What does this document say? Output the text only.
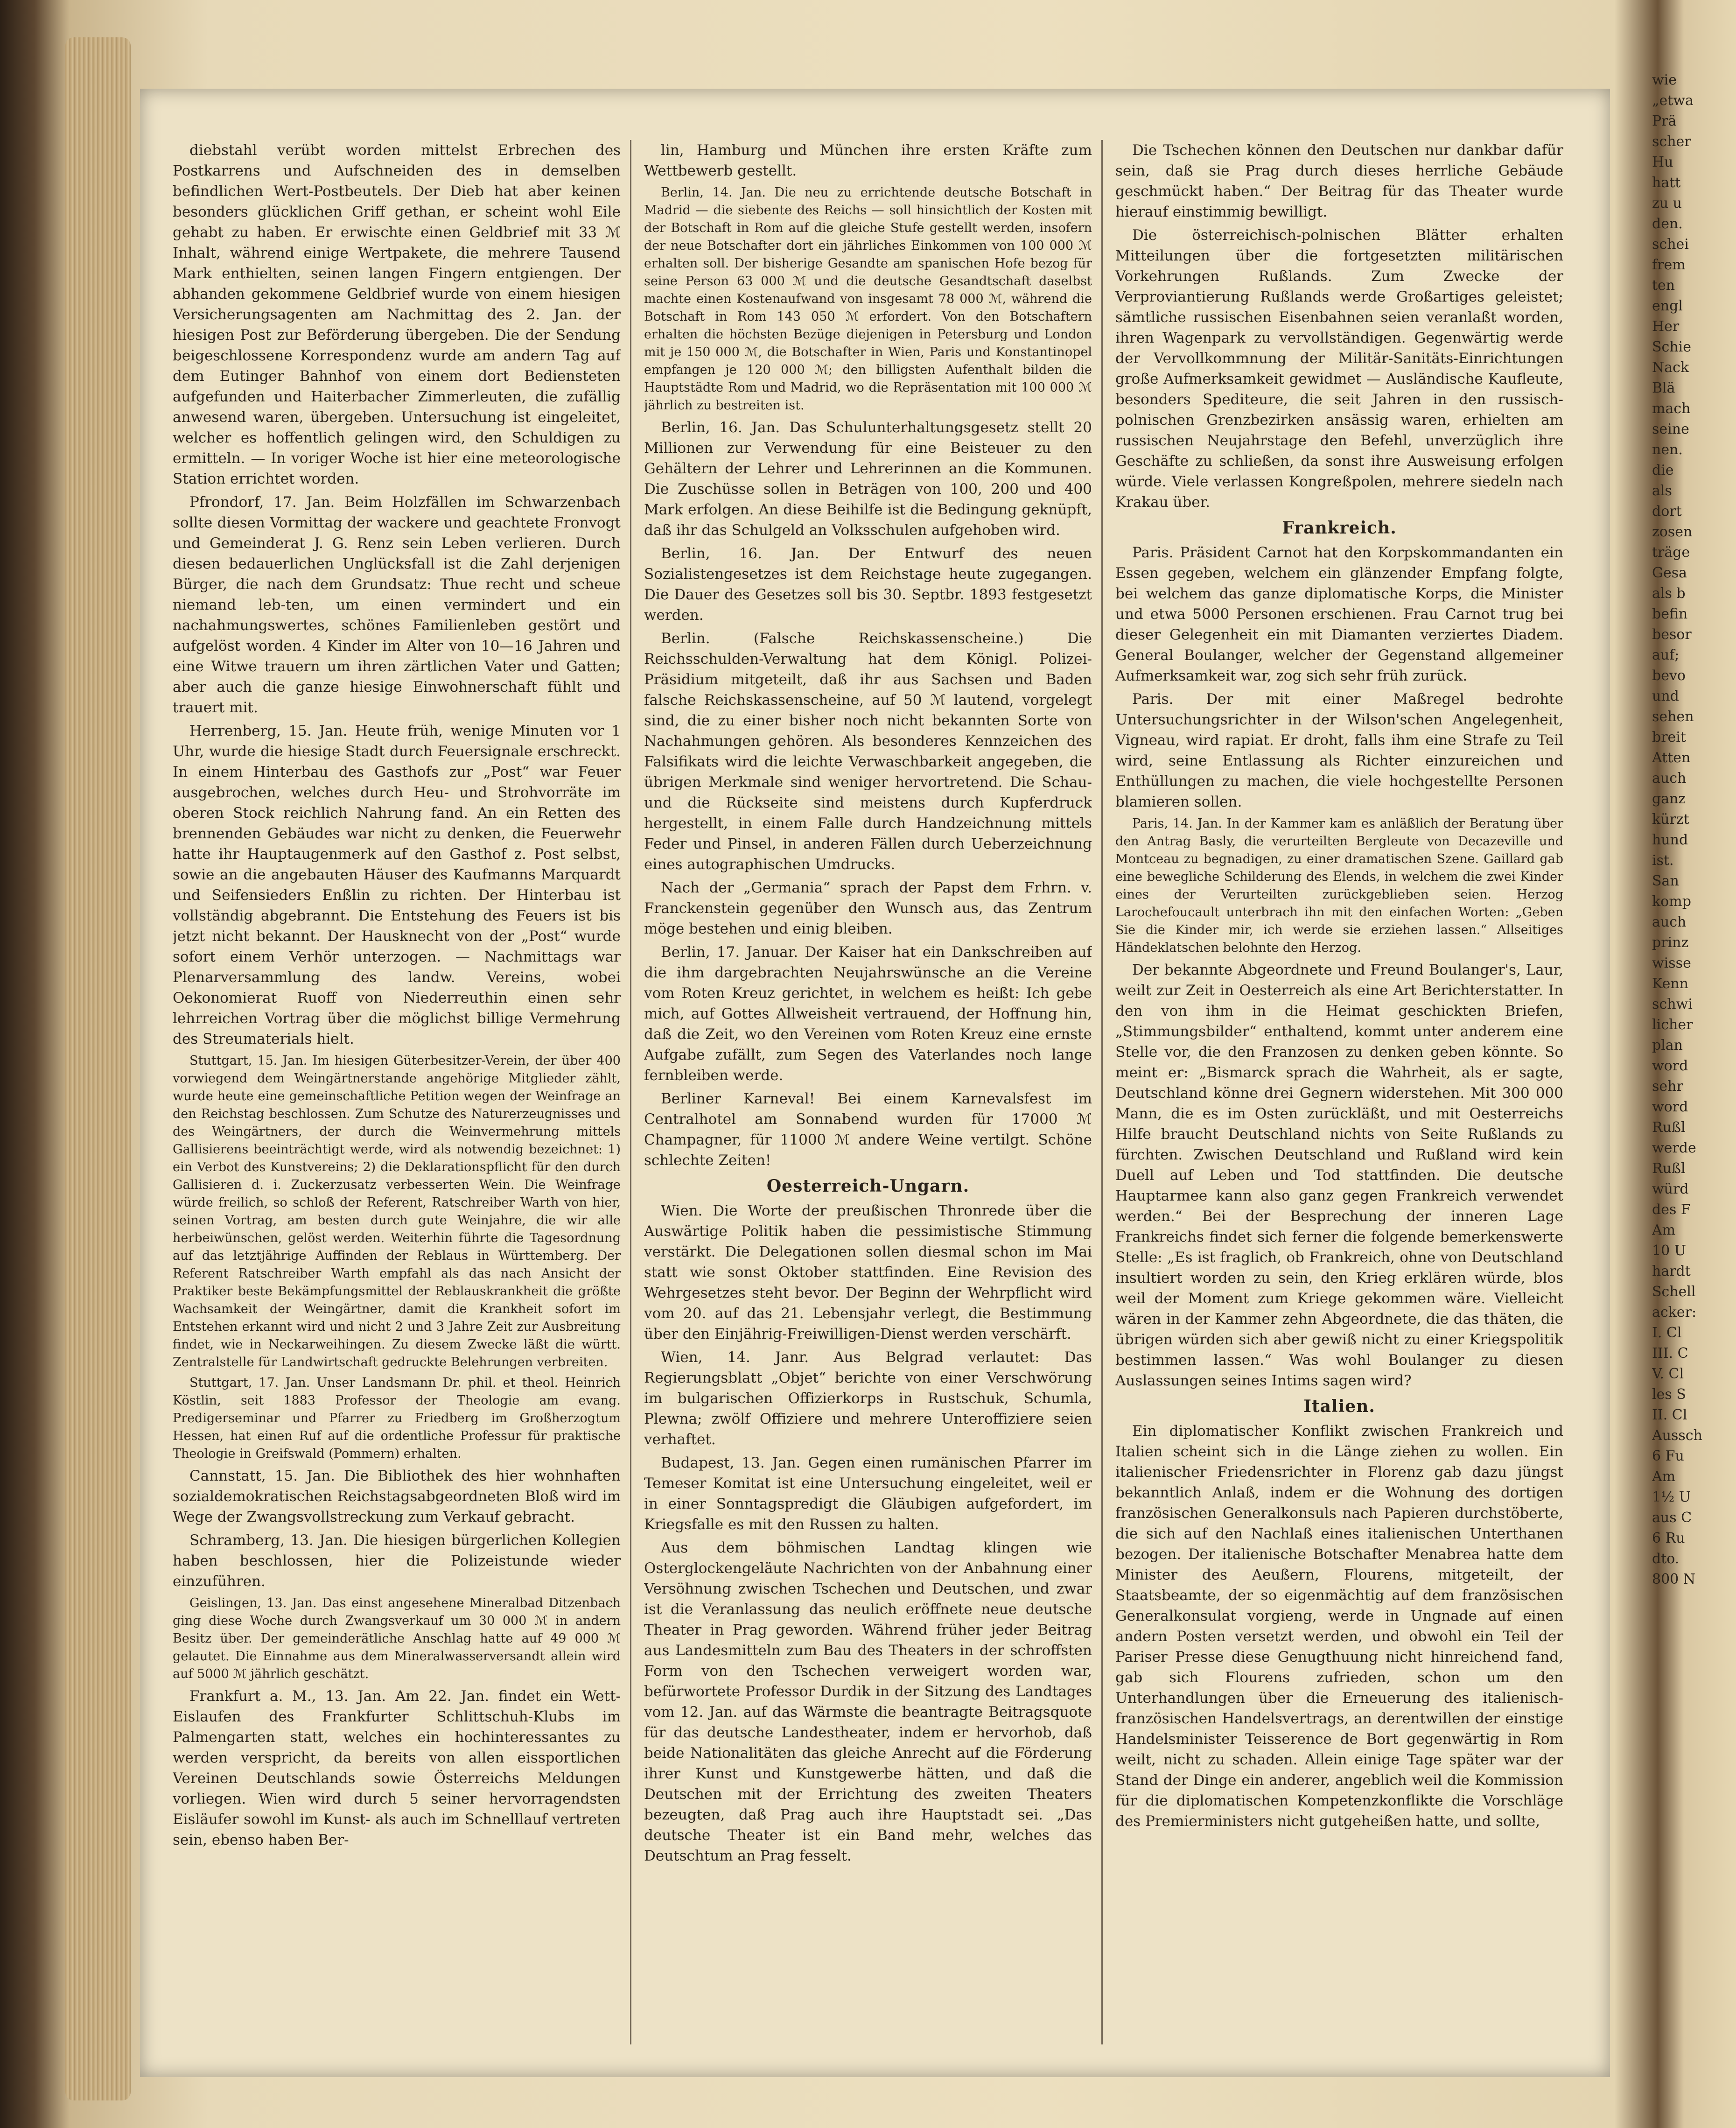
diebstahl verübt worden mittelst Erbrechen des Postkarrens und Aufschneiden des in demselben befindlichen Wert-Postbeutels. Der Dieb hat aber keinen besonders glücklichen Griff gethan, er scheint wohl Eile gehabt zu haben. Er erwischte einen Geldbrief mit 33 ℳ Inhalt, während einige Wertpakete, die mehrere Tausend Mark enthielten, seinen langen Fingern entgiengen. Der abhanden gekommene Geldbrief wurde von einem hiesigen Versicherungsagenten am Nachmittag des 2. Jan. der hiesigen Post zur Beförderung übergeben. Die der Sendung beigeschlossene Korrespondenz wurde am andern Tag auf dem Eutinger Bahnhof von einem dort Bediensteten aufgefunden und Haiterbacher Zimmerleuten, die zufällig anwesend waren, übergeben. Untersuchung ist eingeleitet, welcher es hoffentlich gelingen wird, den Schuldigen zu ermitteln. — In voriger Woche ist hier eine meteorologische Station errichtet worden.

Pfrondorf, 17. Jan. Beim Holzfällen im Schwarzenbach sollte diesen Vormittag der wackere und geachtete Fronvogt und Gemeinderat J. G. Renz sein Leben verlieren. Durch diesen bedauerlichen Unglücksfall ist die Zahl derjenigen Bürger, die nach dem Grundsatz: Thue recht und scheue niemand leb-ten, um einen vermindert und ein nachahmungswertes, schönes Familienleben gestört und aufgelöst worden. 4 Kinder im Alter von 10—16 Jahren und eine Witwe trauern um ihren zärtlichen Vater und Gatten; aber auch die ganze hiesige Einwohnerschaft fühlt und trauert mit.

Herrenberg, 15. Jan. Heute früh, wenige Minuten vor 1 Uhr, wurde die hiesige Stadt durch Feuersignale erschreckt. In einem Hinterbau des Gasthofs zur „Post“ war Feuer ausgebrochen, welches durch Heu- und Strohvorräte im oberen Stock reichlich Nahrung fand. An ein Retten des brennenden Gebäudes war nicht zu denken, die Feuerwehr hatte ihr Hauptaugenmerk auf den Gasthof z. Post selbst, sowie an die angebauten Häuser des Kaufmanns Marquardt und Seifensieders Enßlin zu richten. Der Hinterbau ist vollständig abgebrannt. Die Entstehung des Feuers ist bis jetzt nicht bekannt. Der Hausknecht von der „Post“ wurde sofort einem Verhör unterzogen. — Nachmittags war Plenarversammlung des landw. Vereins, wobei Oekonomierat Ruoff von Niederreuthin einen sehr lehrreichen Vortrag über die möglichst billige Vermehrung des Streumaterials hielt.

Stuttgart, 15. Jan. Im hiesigen Güterbesitzer-Verein, der über 400 vorwiegend dem Weingärtnerstande angehörige Mitglieder zählt, wurde heute eine gemeinschaftliche Petition wegen der Weinfrage an den Reichstag beschlossen. Zum Schutze des Naturerzeugnisses und des Weingärtners, der durch die Weinvermehrung mittels Gallisierens beeinträchtigt werde, wird als notwendig bezeichnet: 1) ein Verbot des Kunstvereins; 2) die Deklarationspflicht für den durch Gallisieren d. i. Zuckerzusatz verbesserten Wein. Die Weinfrage würde freilich, so schloß der Referent, Ratschreiber Warth von hier, seinen Vortrag, am besten durch gute Weinjahre, die wir alle herbeiwünschen, gelöst werden. Weiterhin führte die Tagesordnung auf das letztjährige Auffinden der Reblaus in Württemberg. Der Referent Ratschreiber Warth empfahl als das nach Ansicht der Praktiker beste Bekämpfungsmittel der Reblauskrankheit die größte Wachsamkeit der Weingärtner, damit die Krankheit sofort im Entstehen erkannt wird und nicht 2 und 3 Jahre Zeit zur Ausbreitung findet, wie in Neckarweihingen. Zu diesem Zwecke läßt die württ. Zentralstelle für Landwirtschaft gedruckte Belehrungen verbreiten.

Stuttgart, 17. Jan. Unser Landsmann Dr. phil. et theol. Heinrich Köstlin, seit 1883 Professor der Theologie am evang. Predigerseminar und Pfarrer zu Friedberg im Großherzogtum Hessen, hat einen Ruf auf die ordentliche Professur für praktische Theologie in Greifswald (Pommern) erhalten.

Cannstatt, 15. Jan. Die Bibliothek des hier wohnhaften sozialdemokratischen Reichstagsabgeordneten Bloß wird im Wege der Zwangsvollstreckung zum Verkauf gebracht.

Schramberg, 13. Jan. Die hiesigen bürgerlichen Kollegien haben beschlossen, hier die Polizeistunde wieder einzuführen.

Geislingen, 13. Jan. Das einst angesehene Mineralbad Ditzenbach ging diese Woche durch Zwangsverkauf um 30 000 ℳ in andern Besitz über. Der gemeinderätliche Anschlag hatte auf 49 000 ℳ gelautet. Die Einnahme aus dem Mineralwasserversandt allein wird auf 5000 ℳ jährlich geschätzt.

Frankfurt a. M., 13. Jan. Am 22. Jan. findet ein Wett-Eislaufen des Frankfurter Schlittschuh-Klubs im Palmengarten statt, welches ein hochinteressantes zu werden verspricht, da bereits von allen eissportlichen Vereinen Deutschlands sowie Österreichs Meldungen vorliegen. Wien wird durch 5 seiner hervorragendsten Eisläufer sowohl im Kunst- als auch im Schnelllauf vertreten sein, ebenso haben Ber-

lin, Hamburg und München ihre ersten Kräfte zum Wettbewerb gestellt.

Berlin, 14. Jan. Die neu zu errichtende deutsche Botschaft in Madrid — die siebente des Reichs — soll hinsichtlich der Kosten mit der Botschaft in Rom auf die gleiche Stufe gestellt werden, insofern der neue Botschafter dort ein jährliches Einkommen von 100 000 ℳ erhalten soll. Der bisherige Gesandte am spanischen Hofe bezog für seine Person 63 000 ℳ und die deutsche Gesandtschaft daselbst machte einen Kostenaufwand von insgesamt 78 000 ℳ, während die Botschaft in Rom 143 050 ℳ erfordert. Von den Botschaftern erhalten die höchsten Bezüge diejenigen in Petersburg und London mit je 150 000 ℳ, die Botschafter in Wien, Paris und Konstantinopel empfangen je 120 000 ℳ; den billigsten Aufenthalt bilden die Hauptstädte Rom und Madrid, wo die Repräsentation mit 100 000 ℳ jährlich zu bestreiten ist.

Berlin, 16. Jan. Das Schulunterhaltungsgesetz stellt 20 Millionen zur Verwendung für eine Beisteuer zu den Gehältern der Lehrer und Lehrerinnen an die Kommunen. Die Zuschüsse sollen in Beträgen von 100, 200 und 400 Mark erfolgen. An diese Beihilfe ist die Bedingung geknüpft, daß ihr das Schulgeld an Volksschulen aufgehoben wird.

Berlin, 16. Jan. Der Entwurf des neuen Sozialistengesetzes ist dem Reichstage heute zugegangen. Die Dauer des Gesetzes soll bis 30. Septbr. 1893 festgesetzt werden.

Berlin. (Falsche Reichskassenscheine.) Die Reichsschulden-Verwaltung hat dem Königl. Polizei-Präsidium mitgeteilt, daß ihr aus Sachsen und Baden falsche Reichskassenscheine, auf 50 ℳ lautend, vorgelegt sind, die zu einer bisher noch nicht bekannten Sorte von Nachahmungen gehören. Als besonderes Kennzeichen des Falsifikats wird die leichte Verwaschbarkeit angegeben, die übrigen Merkmale sind weniger hervortretend. Die Schau- und die Rückseite sind meistens durch Kupferdruck hergestellt, in einem Falle durch Handzeichnung mittels Feder und Pinsel, in anderen Fällen durch Ueberzeichnung eines autographischen Umdrucks.

Nach der „Germania“ sprach der Papst dem Frhrn. v. Franckenstein gegenüber den Wunsch aus, das Zentrum möge bestehen und einig bleiben.

Berlin, 17. Januar. Der Kaiser hat ein Dankschreiben auf die ihm dargebrachten Neujahrswünsche an die Vereine vom Roten Kreuz gerichtet, in welchem es heißt: Ich gebe mich, auf Gottes Allweisheit vertrauend, der Hoffnung hin, daß die Zeit, wo den Vereinen vom Roten Kreuz eine ernste Aufgabe zufällt, zum Segen des Vaterlandes noch lange fernbleiben werde.

Berliner Karneval! Bei einem Karnevalsfest im Centralhotel am Sonnabend wurden für 17000 ℳ Champagner, für 11000 ℳ andere Weine vertilgt. Schöne schlechte Zeiten!

Oesterreich-Ungarn.

Wien. Die Worte der preußischen Thronrede über die Auswärtige Politik haben die pessimistische Stimmung verstärkt. Die Delegationen sollen diesmal schon im Mai statt wie sonst Oktober stattfinden. Eine Revision des Wehrgesetzes steht bevor. Der Beginn der Wehrpflicht wird vom 20. auf das 21. Lebensjahr verlegt, die Bestimmung über den Einjährig-Freiwilligen-Dienst werden verschärft.

Wien, 14. Janr. Aus Belgrad verlautet: Das Regierungsblatt „Objet“ berichte von einer Verschwörung im bulgarischen Offizierkorps in Rustschuk, Schumla, Plewna; zwölf Offiziere und mehrere Unteroffiziere seien verhaftet.

Budapest, 13. Jan. Gegen einen rumänischen Pfarrer im Temeser Komitat ist eine Untersuchung eingeleitet, weil er in einer Sonntagspredigt die Gläubigen aufgefordert, im Kriegsfalle es mit den Russen zu halten.

Aus dem böhmischen Landtag klingen wie Osterglockengeläute Nachrichten von der Anbahnung einer Versöhnung zwischen Tschechen und Deutschen, und zwar ist die Veranlassung das neulich eröffnete neue deutsche Theater in Prag geworden. Während früher jeder Beitrag aus Landesmitteln zum Bau des Theaters in der schroffsten Form von den Tschechen verweigert worden war, befürwortete Professor Durdik in der Sitzung des Landtages vom 12. Jan. auf das Wärmste die beantragte Beitragsquote für das deutsche Landestheater, indem er hervorhob, daß beide Nationalitäten das gleiche Anrecht auf die Förderung ihrer Kunst und Kunstgewerbe hätten, und daß die Deutschen mit der Errichtung des zweiten Theaters bezeugten, daß Prag auch ihre Hauptstadt sei. „Das deutsche Theater ist ein Band mehr, welches das Deutschtum an Prag fesselt.

Die Tschechen können den Deutschen nur dankbar dafür sein, daß sie Prag durch dieses herrliche Gebäude geschmückt haben.“ Der Beitrag für das Theater wurde hierauf einstimmig bewilligt.

Die österreichisch-polnischen Blätter erhalten Mitteilungen über die fortgesetzten militärischen Vorkehrungen Rußlands. Zum Zwecke der Verproviantierung Rußlands werde Großartiges geleistet; sämtliche russischen Eisenbahnen seien veranlaßt worden, ihren Wagenpark zu vervollständigen. Gegenwärtig werde der Vervollkommnung der Militär-Sanitäts-Einrichtungen große Aufmerksamkeit gewidmet — Ausländische Kaufleute, besonders Spediteure, die seit Jahren in den russisch-polnischen Grenzbezirken ansässig waren, erhielten am russischen Neujahrstage den Befehl, unverzüglich ihre Geschäfte zu schließen, da sonst ihre Ausweisung erfolgen würde. Viele verlassen Kongreßpolen, mehrere siedeln nach Krakau über.

Frankreich.

Paris. Präsident Carnot hat den Korpskommandanten ein Essen gegeben, welchem ein glänzender Empfang folgte, bei welchem das ganze diplomatische Korps, die Minister und etwa 5000 Personen erschienen. Frau Carnot trug bei dieser Gelegenheit ein mit Diamanten verziertes Diadem. General Boulanger, welcher der Gegenstand allgemeiner Aufmerksamkeit war, zog sich sehr früh zurück.

Paris. Der mit einer Maßregel bedrohte Untersuchungsrichter in der Wilson'schen Angelegenheit, Vigneau, wird rapiat. Er droht, falls ihm eine Strafe zu Teil wird, seine Entlassung als Richter einzureichen und Enthüllungen zu machen, die viele hochgestellte Personen blamieren sollen.

Paris, 14. Jan. In der Kammer kam es anläßlich der Beratung über den Antrag Basly, die verurteilten Bergleute von Decazeville und Montceau zu begnadigen, zu einer dramatischen Szene. Gaillard gab eine bewegliche Schilderung des Elends, in welchem die zwei Kinder eines der Verurteilten zurückgeblieben seien. Herzog Larochefoucault unterbrach ihn mit den einfachen Worten: „Geben Sie die Kinder mir, ich werde sie erziehen lassen.“ Allseitiges Händeklatschen belohnte den Herzog.

Der bekannte Abgeordnete und Freund Boulanger's, Laur, weilt zur Zeit in Oesterreich als eine Art Berichterstatter. In den von ihm in die Heimat geschickten Briefen, „Stimmungsbilder“ enthaltend, kommt unter anderem eine Stelle vor, die den Franzosen zu denken geben könnte. So meint er: „Bismarck sprach die Wahrheit, als er sagte, Deutschland könne drei Gegnern widerstehen. Mit 300 000 Mann, die es im Osten zurückläßt, und mit Oesterreichs Hilfe braucht Deutschland nichts von Seite Rußlands zu fürchten. Zwischen Deutschland und Rußland wird kein Duell auf Leben und Tod stattfinden. Die deutsche Hauptarmee kann also ganz gegen Frankreich verwendet werden.“ Bei der Besprechung der inneren Lage Frankreichs findet sich ferner die folgende bemerkenswerte Stelle: „Es ist fraglich, ob Frankreich, ohne von Deutschland insultiert worden zu sein, den Krieg erklären würde, blos weil der Moment zum Kriege gekommen wäre. Vielleicht wären in der Kammer zehn Abgeordnete, die das thäten, die übrigen würden sich aber gewiß nicht zu einer Kriegspolitik bestimmen lassen.“ Was wohl Boulanger zu diesen Auslassungen seines Intims sagen wird?

Italien.

Ein diplomatischer Konflikt zwischen Frankreich und Italien scheint sich in die Länge ziehen zu wollen. Ein italienischer Friedensrichter in Florenz gab dazu jüngst bekanntlich Anlaß, indem er die Wohnung des dortigen französischen Generalkonsuls nach Papieren durchstöberte, die sich auf den Nachlaß eines italienischen Unterthanen bezogen. Der italienische Botschafter Menabrea hatte dem Minister des Aeußern, Flourens, mitgeteilt, der Staatsbeamte, der so eigenmächtig auf dem französischen Generalkonsulat vorgieng, werde in Ungnade auf einen andern Posten versetzt werden, und obwohl ein Teil der Pariser Presse diese Genugthuung nicht hinreichend fand, gab sich Flourens zufrieden, schon um den Unterhandlungen über die Erneuerung des italienisch-französischen Handelsvertrags, an derentwillen der einstige Handelsminister Teisserence de Bort gegenwärtig in Rom weilt, nicht zu schaden. Allein einige Tage später war der Stand der Dinge ein anderer, angeblich weil die Kommission für die diplomatischen Kompetenzkonflikte die Vorschläge des Premierministers nicht gutgeheißen hatte, und sollte,

wie
„etwa
Prä
scher
Hu
hatt
zu u
den.
schei
frem
ten
engl
Her
Schie
Nack
Blä
mach
seine
nen.
die
als
dort
zosen
träge
Gesa
als b
befin
besor
auf;
bevo
und
sehen
breit
Atten
auch
ganz
kürzt
hund
ist.
San
komp
auch
prinz
wisse
Kenn
schwi
licher
plan
word
sehr
word
Rußl
werde
Rußl
würd
des F
Am
10 U
hardt
Schell
acker:
I. Cl
III. C
V. Cl
les S
II. Cl
Aussch
6 Fu
Am
1½ U
aus C
6 Ru
dto.
800 N
